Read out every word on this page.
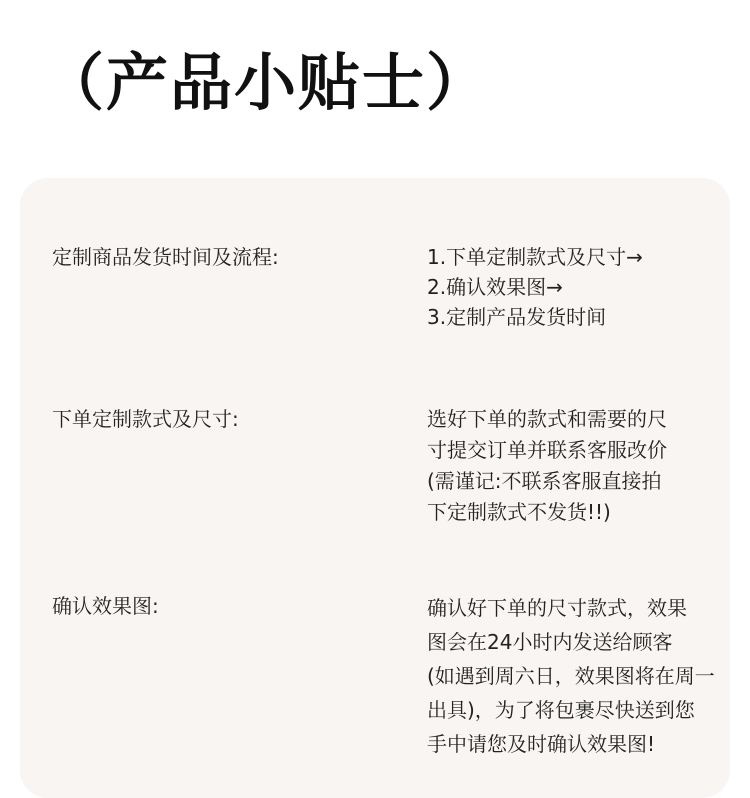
（产品小贴士）
定制商品发货时间及流程:	1.下单定制款式及尺寸→
2.确认效果图→
3.定制产品发货时间
下单定制款式及尺寸:	选好下单的款式和需要的尺
寸提交订单并联系客服改价
(需谨记:不联系客服直接拍
下定制款式不发货!!)
确认效果图:	确认好下单的尺寸款式，效果
图会在24小时内发送给顾客
(如遇到周六日，效果图将在周一
出具)，为了将包裹尽快送到您
手中请您及时确认效果图!
